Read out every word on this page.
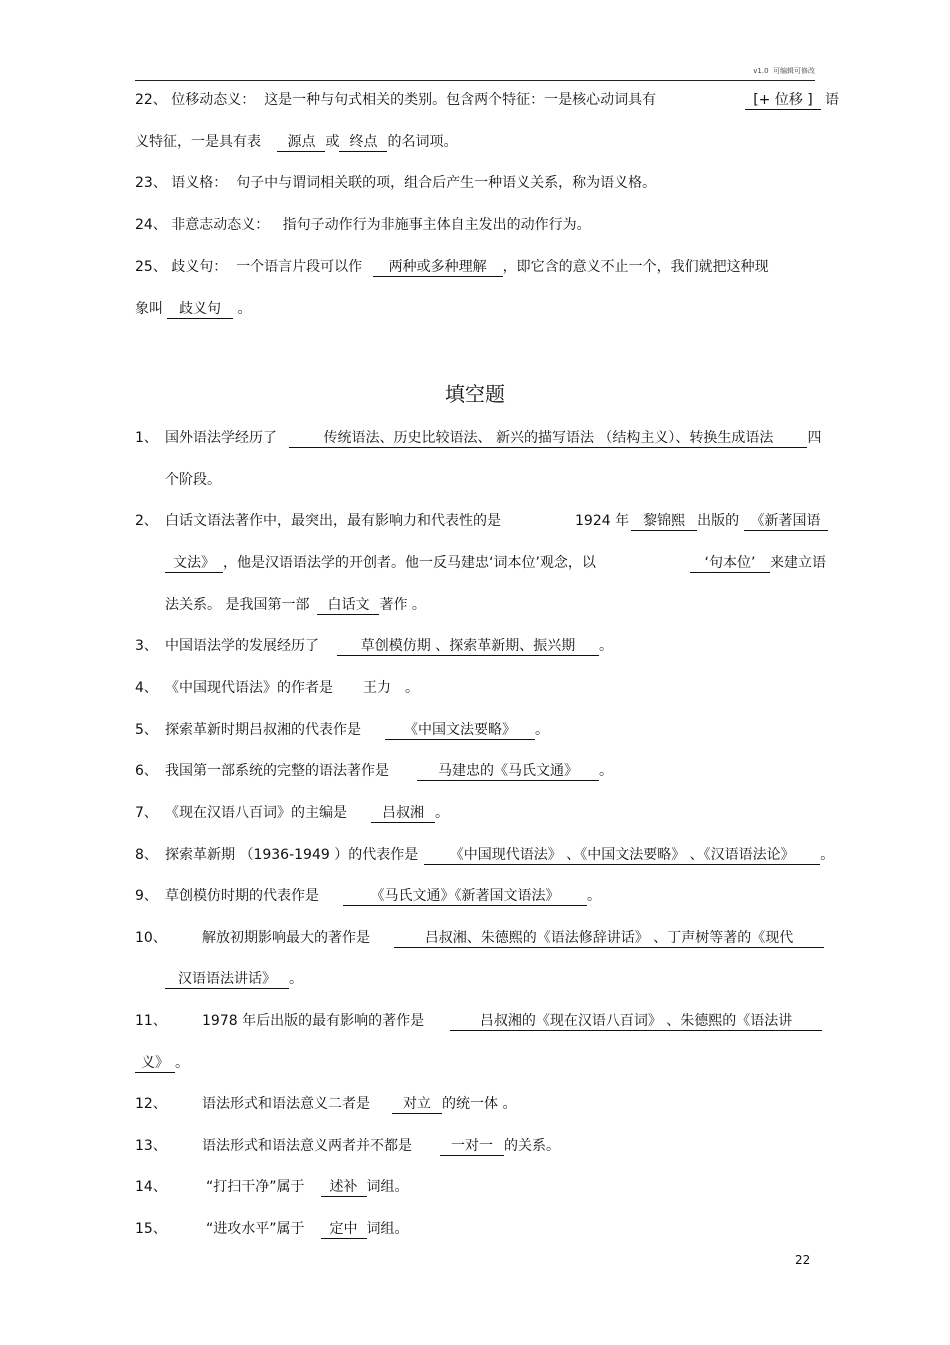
v1.0 可编辑可修改
22、 位移动态义： 这是一种与句式相关的类别。包含两个特征：一是核心动词具有	[+ 位移 ] 语
义特征，一是具有表 源点 或 终点 的名词项。
23、 语义格： 句子中与谓词相关联的项，组合后产生一种语义关系，称为语义格。
24、 非意志动态义： 指句子动作行为非施事主体自主发出的动作行为。
25、 歧义句： 一个语言片段可以作 两种或多种理解 ，即它含的意义不止一个，我们就把这种现
象叫 歧义句 。
填空题
1、 国外语法学经历了	传统语法、历史比较语法、 新兴的描写语法 （结构主义）、转换生成语法 四
个阶段。
2、 白话文语法著作中，最突出，最有影响力和代表性的是	1924 年 黎锦熙 出版的 《新著国语
文法》 ，他是汉语语法学的开创者。他一反马建忠‘词本位’观念，以	‘句本位’ 来建立语
法关系。 是我国第一部 白话文 著作 。
3、 中国语法学的发展经历了	草创模仿期 、探索革新期、振兴期 。
4、 《中国现代语法》的作者是 王力 。
5、 探索革新时期吕叔湘的代表作是	《中国文法要略》 。
6、 我国第一部系统的完整的语法著作是	马建忠的《马氏文通》 。
7、 《现在汉语八百词》的主编是	吕叔湘 。
8、 探索革新期 （1936-1949 ）的代表作是 《中国现代语法》 、《中国文法要略》 、《汉语语法论》 。
9、 草创模仿时期的代表作是	《马氏文通》《新著国文语法》 。
10、	解放初期影响最大的著作是	吕叔湘、朱德熙的《语法修辞讲话》 、丁声树等著的《现代
汉语语法讲话》 。
11、	1978 年后出版的最有影响的著作是	吕叔湘的《现在汉语八百词》 、朱德熙的《语法讲
义》 。
12、	语法形式和语法意义二者是 对立 的统一体 。
13、	语法形式和语法意义两者并不都是	一对一 的关系。
14、	“打扫干净”属于 述补 词组。
15、	“进攻水平”属于 定中 词组。
22
